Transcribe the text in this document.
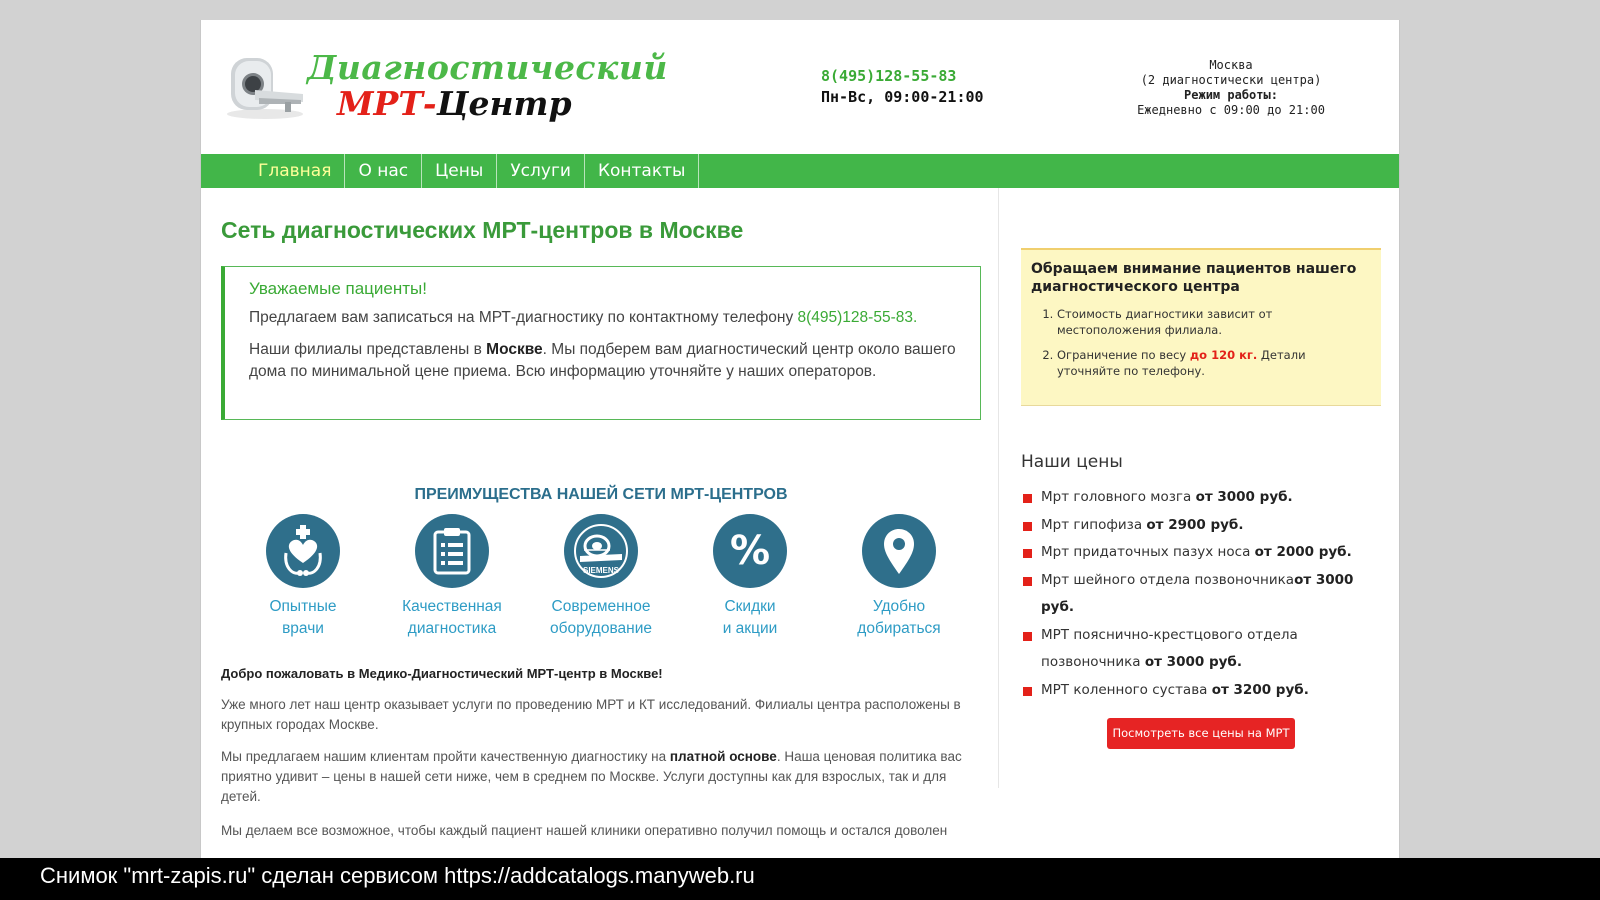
Диагностический
МРТ-Центр
8(495)128-55-83
Пн-Вс, 09:00-21:00
Москва
(2 диагностически центра)
Режим работы:
Ежедневно с 09:00 до 21:00
Главная	О нас	Цены	Услуги	Контакты
Сеть диагностических МРТ-центров в Москве
Уважаемые пациенты!

Предлагаем вам записаться на МРТ-диагностику по контактному телефону 8(495)128-55-83.

Наши филиалы представлены в Москве. Мы подберем вам диагностический центр около вашего дома по минимальной цене приема. Всю информацию уточняйте у наших операторов.

ПРЕИМУЩЕСТВА НАШЕЙ СЕТИ МРТ-ЦЕНТРОВ
Опытные
врачи
Качественная
диагностика
SIEMENS
Современное
оборудование
%
Скидки
и акции
Удобно
добираться
Добро пожаловать в Медико-Диагностический МРТ-центр в Москве!

Уже много лет наш центр оказывает услуги по проведению МРТ и КТ исследований. Филиалы центра расположены в крупных городах Москве.

Мы предлагаем нашим клиентам пройти качественную диагностику на платной основе. Наша ценовая политика вас приятно удивит – цены в нашей сети ниже, чем в среднем по Москве. Услуги доступны как для взрослых, так и для детей.

Мы делаем все возможное, чтобы каждый пациент нашей клиники оперативно получил помощь и остался доволен

Обращаем внимание пациентов нашего диагностического центра
1. Стоимость диагностики зависит от местоположения филиала.
2. Ограничение по весу до 120 кг. Детали уточняйте по телефону.
Наши цены
Мрт головного мозга от 3000 руб.
Мрт гипофиза от 2900 руб.
Мрт придаточных пазух носа от 2000 руб.
Мрт шейного отдела позвоночникаот 3000 руб.
МРТ пояснично-крестцового отдела позвоночника от 3000 руб.
МРТ коленного сустава от 3200 руб.
Посмотреть все цены на МРТ
Снимок "mrt-zapis.ru" сделан сервисом https://addcatalogs.manyweb.ru
